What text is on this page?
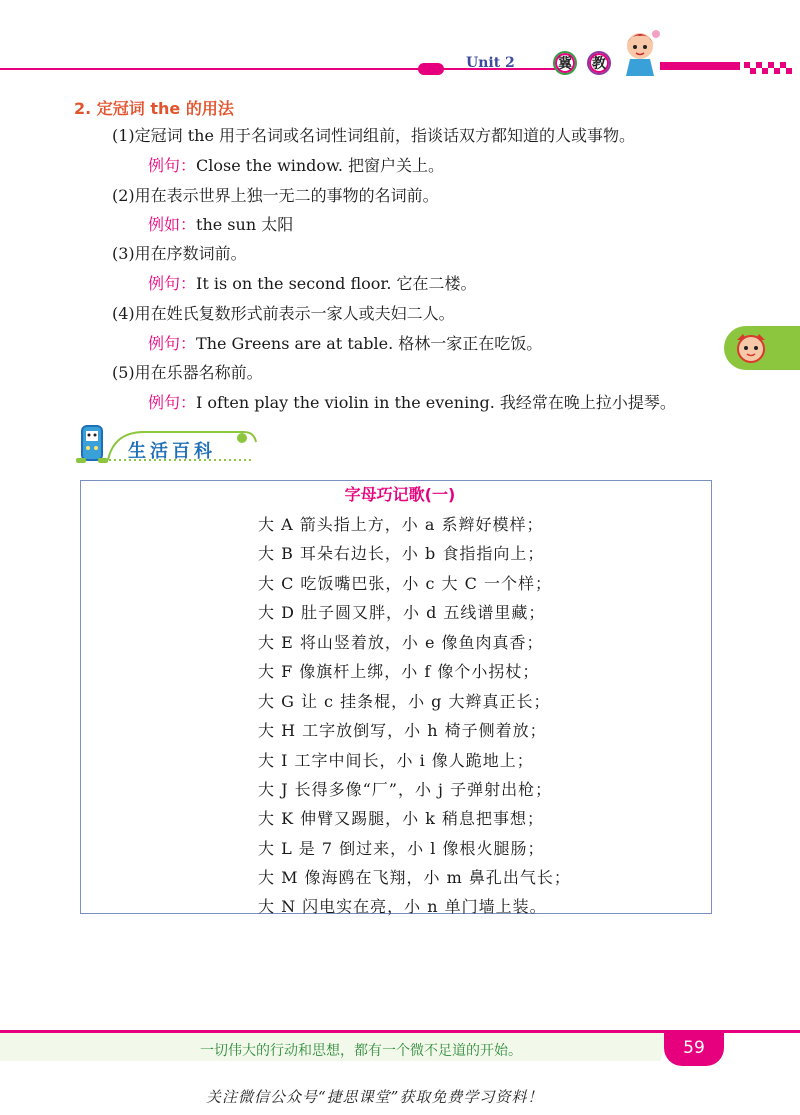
Unit 2	冀	教
2. 定冠词 the 的用法
(1)定冠词 the 用于名词或名词性词组前，指谈话双方都知道的人或事物。
例句：Close the window. 把窗户关上。
(2)用在表示世界上独一无二的事物的名词前。
例如：the sun 太阳
(3)用在序数词前。
例句：It is on the second floor. 它在二楼。
(4)用在姓氏复数形式前表示一家人或夫妇二人。
例句：The Greens are at table. 格林一家正在吃饭。
(5)用在乐器名称前。
例句：I often play the violin in the evening. 我经常在晚上拉小提琴。
生活百科
字母巧记歌(一)
大 A 箭头指上方，小 a 系辫好模样；
大 B 耳朵右边长，小 b 食指指向上；
大 C 吃饭嘴巴张，小 c 大 C 一个样；
大 D 肚子圆又胖，小 d 五线谱里藏；
大 E 将山竖着放，小 e 像鱼肉真香；
大 F 像旗杆上绑，小 f 像个小拐杖；
大 G 让 c 挂条棍，小 g 大辫真正长；
大 H 工字放倒写，小 h 椅子侧着放；
大 I 工字中间长，小 i 像人跪地上；
大 J 长得多像“厂”，小 j 子弹射出枪；
大 K 伸臂又踢腿，小 k 稍息把事想；
大 L 是 7 倒过来，小 l 像根火腿肠；
大 M 像海鸥在飞翔，小 m 鼻孔出气长；
大 N 闪电实在亮，小 n 单门墙上装。
一切伟大的行动和思想，都有一个微不足道的开始。	59
关注微信公众号“捷思课堂”获取免费学习资料！
